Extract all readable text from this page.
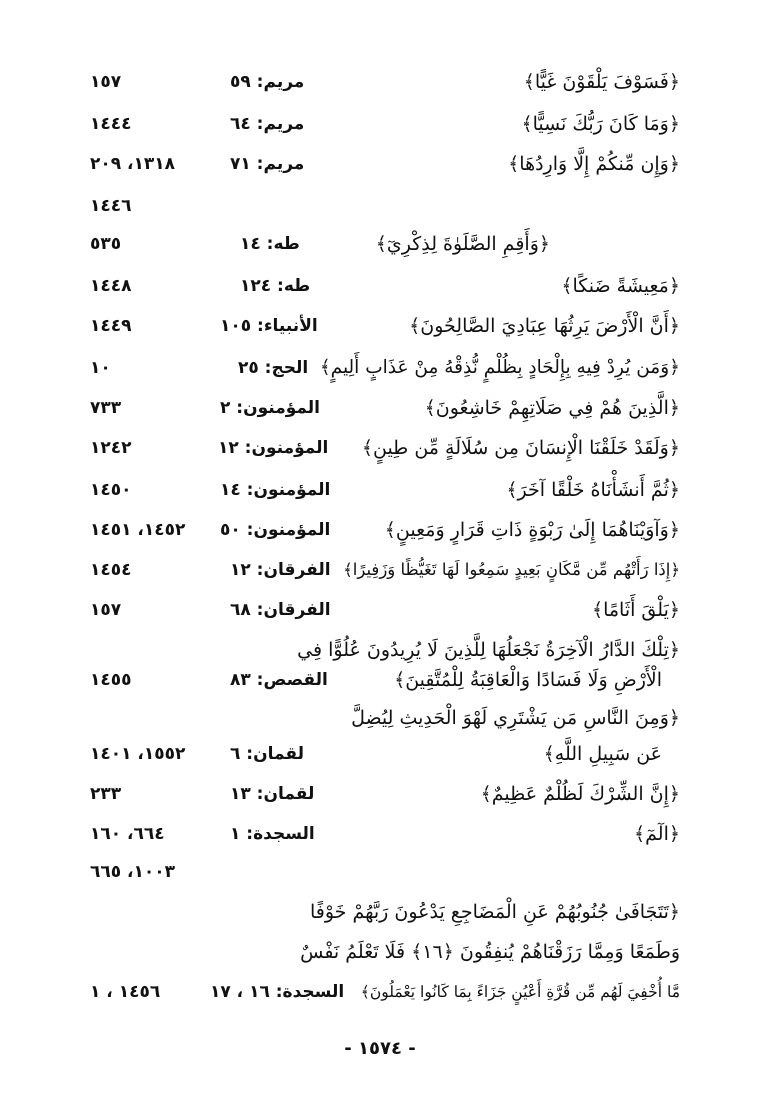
﴿فَسَوْفَ يَلْقَوْنَ غَيًّا﴾
مريم: ٥٩
١٥٧
﴿وَمَا كَانَ رَبُّكَ نَسِيًّا﴾
مريم: ٦٤
١٤٤٤
﴿وَإِن مِّنكُمْ إِلَّا وَارِدُهَا﴾
مريم: ٧١
١٣١٨، ٢٠٩
١٤٤٦
﴿وَأَقِمِ الصَّلَوٰةَ لِذِكْرِيٓ﴾
طه: ١٤
٥٣٥
﴿مَعِيشَةً ضَنكًا﴾
طه: ١٢٤
١٤٤٨
﴿أَنَّ الْأَرْضَ يَرِثُهَا عِبَادِيَ الصَّالِحُونَ﴾
الأنبياء: ١٠٥
١٤٤٩
﴿وَمَن يُرِدْ فِيهِ بِإِلْحَادٍ بِظُلْمٍ نُّذِقْهُ مِنْ عَذَابٍ أَلِيمٍ﴾
الحج: ٢٥
١٠
﴿الَّذِينَ هُمْ فِي صَلَاتِهِمْ خَاشِعُونَ﴾
المؤمنون: ٢
٧٣٣
﴿وَلَقَدْ خَلَقْنَا الْإِنسَانَ مِن سُلَالَةٍ مِّن طِينٍ﴾
المؤمنون: ١٢
١٢٤٢
﴿ثُمَّ أَنشَأْنَاهُ خَلْقًا آخَرَ﴾
المؤمنون: ١٤
١٤٥٠
﴿وَآوَيْنَاهُمَا إِلَىٰ رَبْوَةٍ ذَاتِ قَرَارٍ وَمَعِينٍ﴾
المؤمنون: ٥٠
١٤٥٢، ١٤٥١
﴿إِذَا رَأَتْهُم مِّن مَّكَانٍ بَعِيدٍ سَمِعُوا لَهَا تَغَيُّظًا وَزَفِيرًا﴾
الفرقان: ١٢
١٤٥٤
﴿يَلْقَ أَثَامًا﴾
الفرقان: ٦٨
١٥٧
﴿تِلْكَ الدَّارُ الْآخِرَةُ نَجْعَلُهَا لِلَّذِينَ لَا يُرِيدُونَ عُلُوًّا فِي
الْأَرْضِ وَلَا فَسَادًا وَالْعَاقِبَةُ لِلْمُتَّقِينَ﴾
القصص: ٨٣
١٤٥٥
﴿وَمِنَ النَّاسِ مَن يَشْتَرِي لَهْوَ الْحَدِيثِ لِيُضِلَّ
عَن سَبِيلِ اللَّهِ﴾
لقمان: ٦
١٥٥٢، ١٤٠١
﴿إِنَّ الشِّرْكَ لَظُلْمٌ عَظِيمٌ﴾
لقمان: ١٣
٢٣٣
﴿الٓمٓ﴾
السجدة: ١
٦٦٤، ١٦٠
١٠٠٣، ٦٦٥
﴿تَتَجَافَىٰ جُنُوبُهُمْ عَنِ الْمَضَاجِعِ يَدْعُونَ رَبَّهُمْ خَوْفًا
وَطَمَعًا وَمِمَّا رَزَقْنَاهُمْ يُنفِقُونَ ﴿١٦﴾ فَلَا تَعْلَمُ نَفْسٌ
مَّا أُخْفِيَ لَهُم مِّن قُرَّةِ أَعْيُنٍ جَزَاءً بِمَا كَانُوا يَعْمَلُونَ﴾
السجدة: ١٦ ، ١٧
١٤٥٦ ، ١
- ١٥٧٤ -
